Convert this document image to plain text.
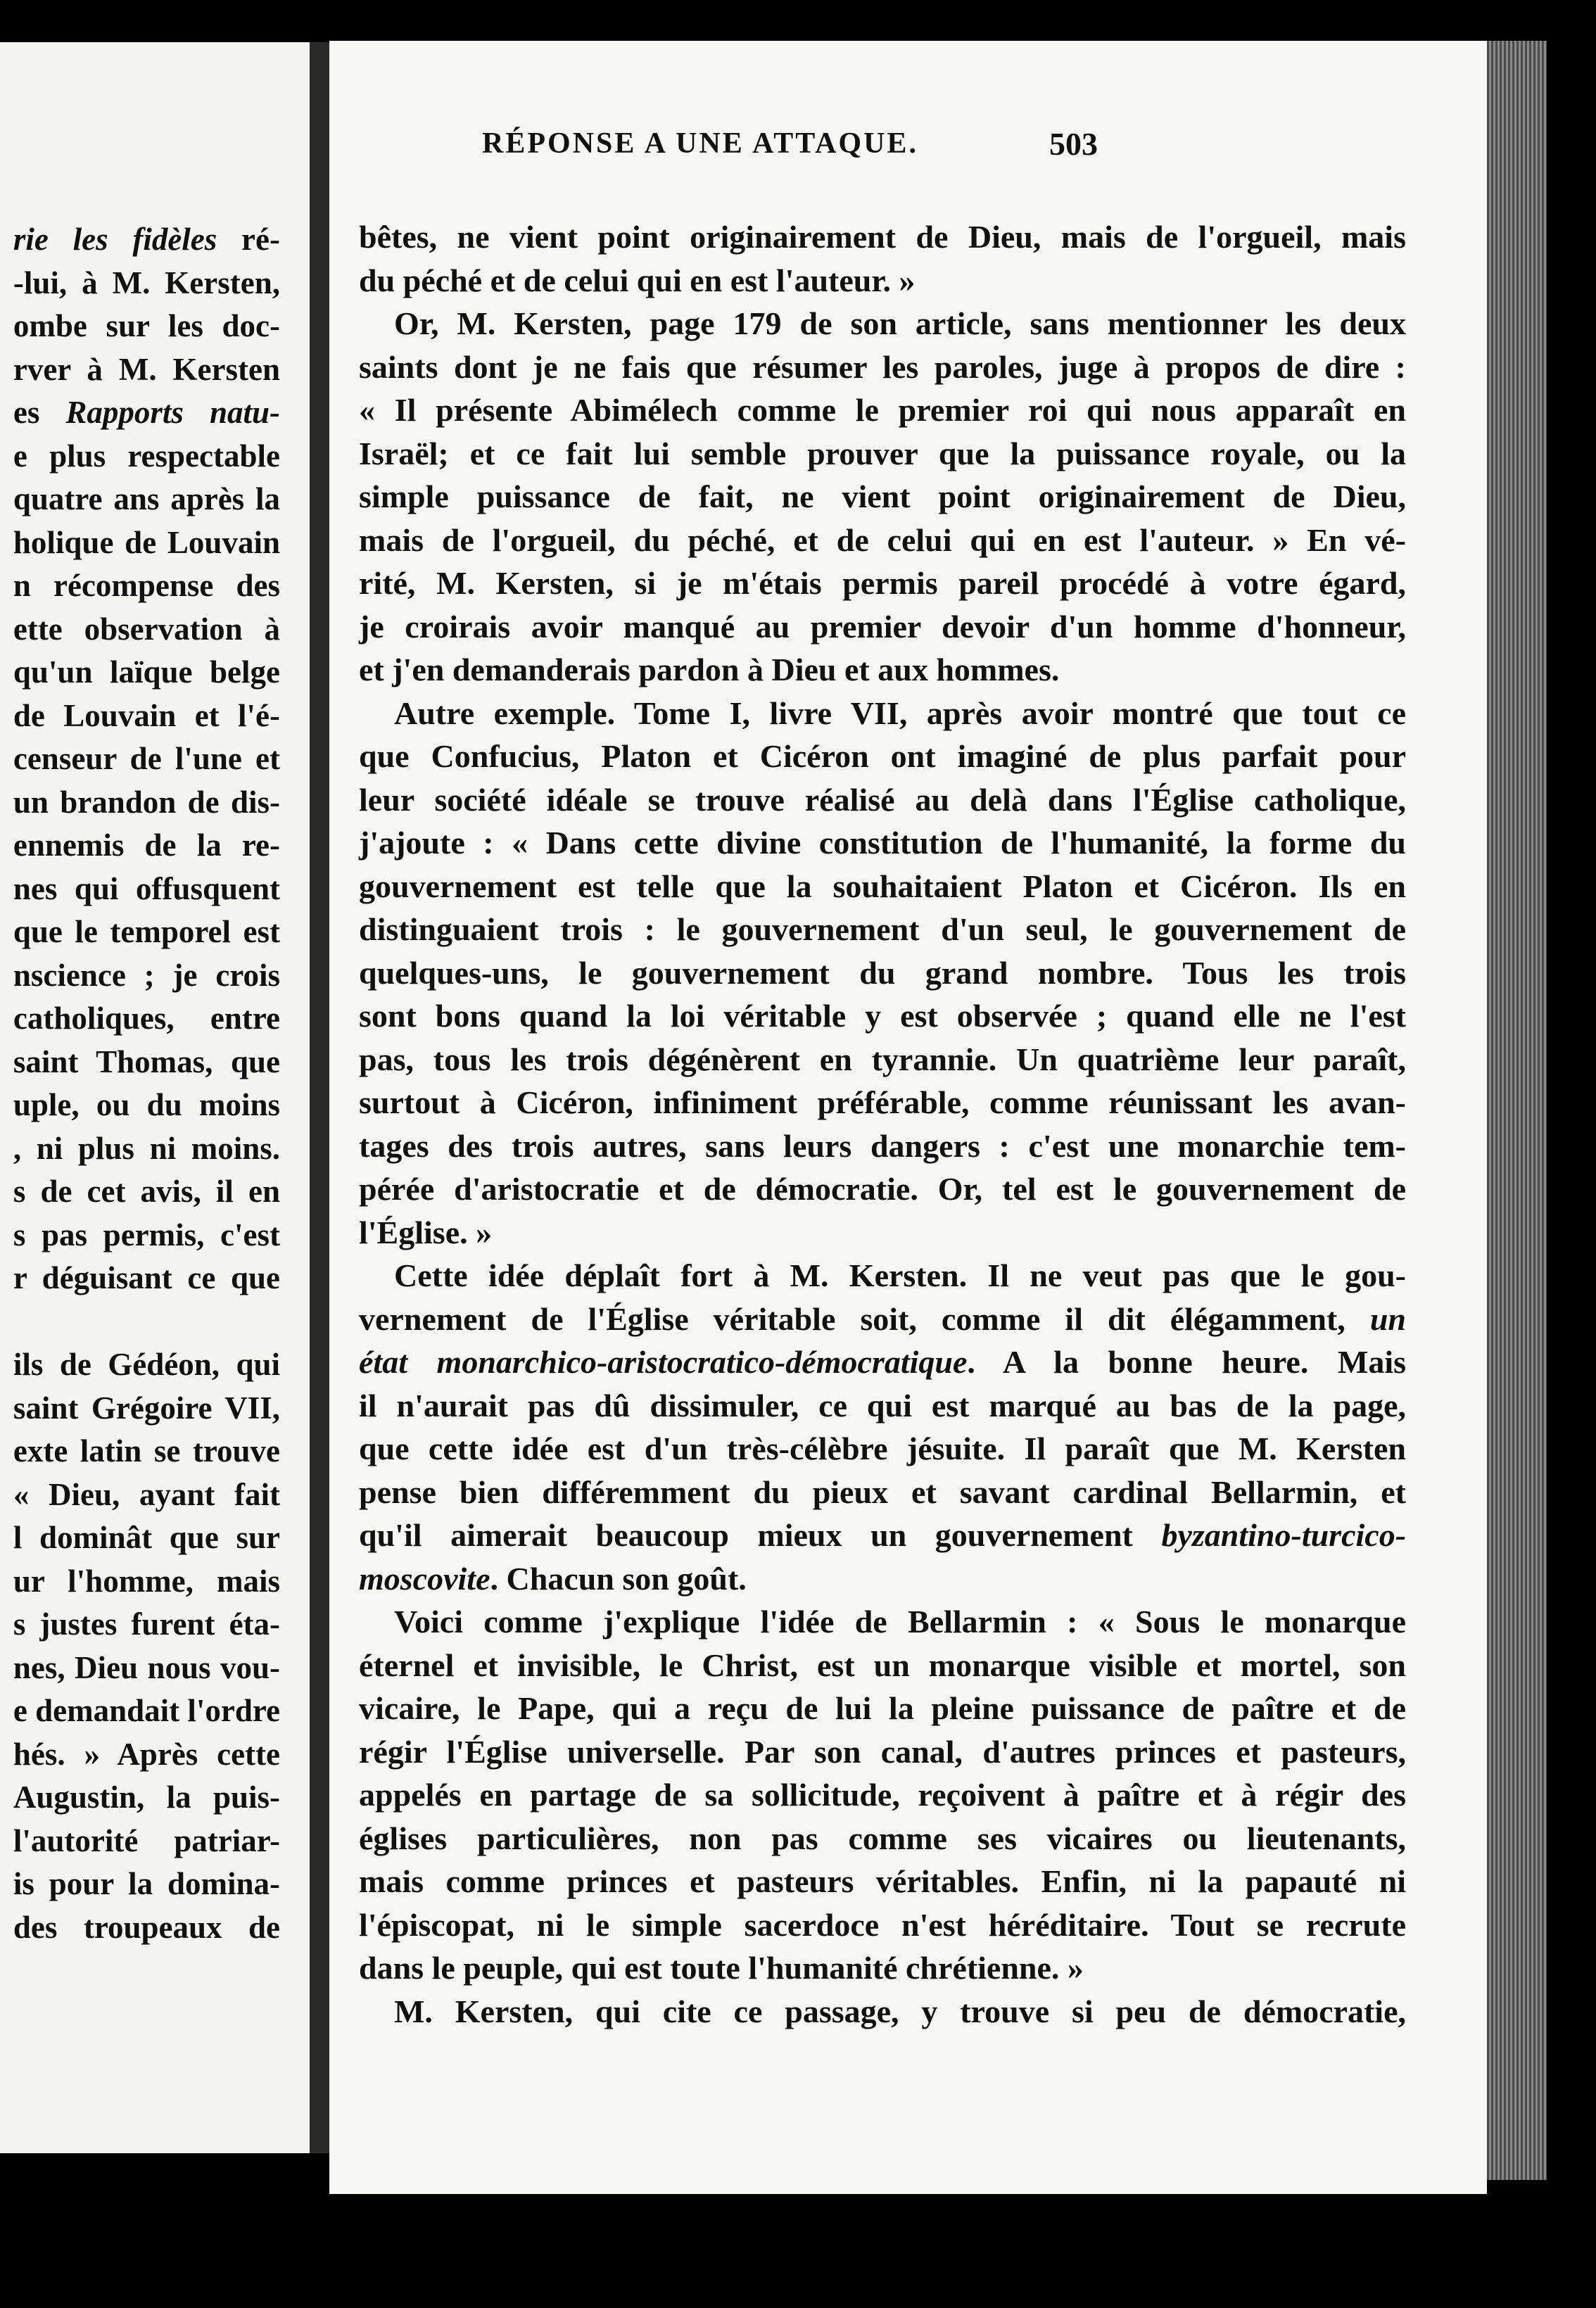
rie les fidèles ré-
-lui, à M. Kersten,
ombe sur les doc-
rver à M. Kersten
es Rapports natu-
e plus respectable
quatre ans après la
holique de Louvain
n récompense des
ette observation à
qu'un laïque belge
de Louvain et l'é-
censeur de l'une et
un brandon de dis-
ennemis de la re-
nes qui offusquent
que le temporel est
nscience ; je crois
catholiques, entre
saint Thomas, que
uple, ou du moins
, ni plus ni moins.
s de cet avis, il en
s pas permis, c'est
r déguisant ce que

ils de Gédéon, qui
saint Grégoire VII,
exte latin se trouve
« Dieu, ayant fait
l dominât que sur
ur l'homme, mais
s justes furent éta-
nes, Dieu nous vou-
e demandait l'ordre
hés. » Après cette
Augustin, la puis-
l'autorité patriar-
is pour la domina-
des troupeaux de
bêtes, ne vient point originairement de Dieu, mais de l'orgueil, mais
du péché et de celui qui en est l'auteur. »
Or, M. Kersten, page 179 de son article, sans mentionner les deux
saints dont je ne fais que résumer les paroles, juge à propos de dire :
« Il présente Abimélech comme le premier roi qui nous apparaît en
Israël; et ce fait lui semble prouver que la puissance royale, ou la
simple puissance de fait, ne vient point originairement de Dieu,
mais de l'orgueil, du péché, et de celui qui en est l'auteur. » En vé-
rité, M. Kersten, si je m'étais permis pareil procédé à votre égard,
je croirais avoir manqué au premier devoir d'un homme d'honneur,
et j'en demanderais pardon à Dieu et aux hommes.
Autre exemple. Tome I, livre VII, après avoir montré que tout ce
que Confucius, Platon et Cicéron ont imaginé de plus parfait pour
leur société idéale se trouve réalisé au delà dans l'Église catholique,
j'ajoute : « Dans cette divine constitution de l'humanité, la forme du
gouvernement est telle que la souhaitaient Platon et Cicéron. Ils en
distinguaient trois : le gouvernement d'un seul, le gouvernement de
quelques-uns, le gouvernement du grand nombre. Tous les trois
sont bons quand la loi véritable y est observée ; quand elle ne l'est
pas, tous les trois dégénèrent en tyrannie. Un quatrième leur paraît,
surtout à Cicéron, infiniment préférable, comme réunissant les avan-
tages des trois autres, sans leurs dangers : c'est une monarchie tem-
pérée d'aristocratie et de démocratie. Or, tel est le gouvernement de
l'Église. »
Cette idée déplaît fort à M. Kersten. Il ne veut pas que le gou-
vernement de l'Église véritable soit, comme il dit élégamment, un
état monarchico-aristocratico-démocratique. A la bonne heure. Mais
il n'aurait pas dû dissimuler, ce qui est marqué au bas de la page,
que cette idée est d'un très-célèbre jésuite. Il paraît que M. Kersten
pense bien différemment du pieux et savant cardinal Bellarmin, et
qu'il aimerait beaucoup mieux un gouvernement byzantino-turcico-
moscovite. Chacun son goût.
Voici comme j'explique l'idée de Bellarmin : « Sous le monarque
éternel et invisible, le Christ, est un monarque visible et mortel, son
vicaire, le Pape, qui a reçu de lui la pleine puissance de paître et de
régir l'Église universelle. Par son canal, d'autres princes et pasteurs,
appelés en partage de sa sollicitude, reçoivent à paître et à régir des
églises particulières, non pas comme ses vicaires ou lieutenants,
mais comme princes et pasteurs véritables. Enfin, ni la papauté ni
l'épiscopat, ni le simple sacerdoce n'est héréditaire. Tout se recrute
dans le peuple, qui est toute l'humanité chrétienne. »
M. Kersten, qui cite ce passage, y trouve si peu de démocratie,
RÉPONSE A UNE ATTAQUE.	503
